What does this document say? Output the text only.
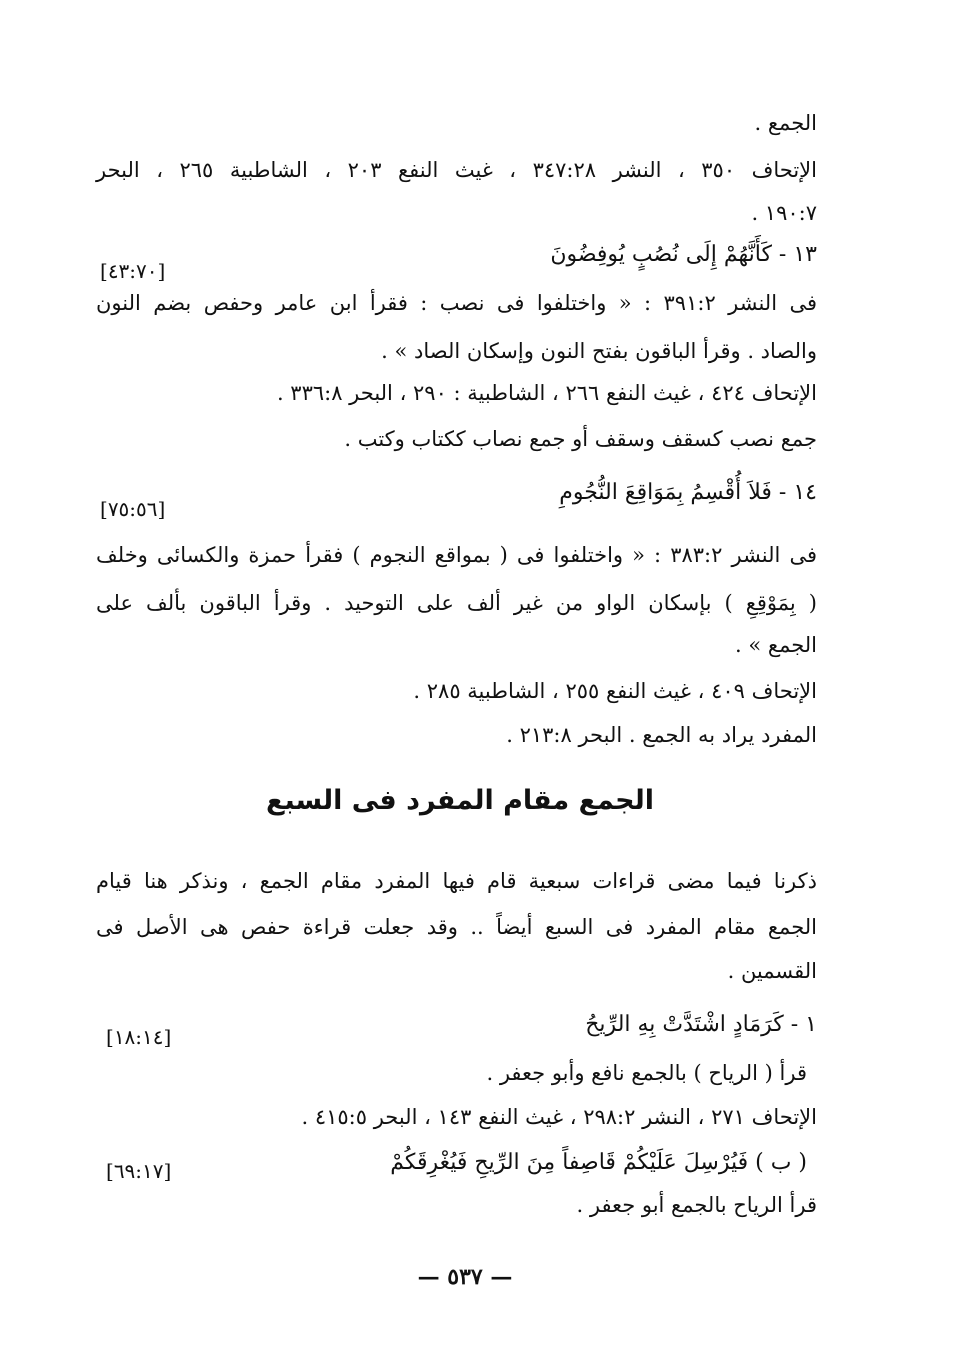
الجمع .
الإتحاف ٣٥٠ ، النشر ٣٤٧:٢٨ ، غيث النفع ٢٠٣ ، الشاطبية ٢٦٥ ، البحر
١٩٠:٧ .
١٣ - كَأَنَّهُمْ إِلَى نُصُبٍ يُوفِضُونَ
[٤٣:٧٠]
فى النشر ٣٩١:٢ : « واختلفوا فى نصب : فقرأ ابن عامر وحفص بضم النون
والصاد . وقرأ الباقون بفتح النون وإسكان الصاد » .
الإتحاف ٤٢٤ ، غيث النفع ٢٦٦ ، الشاطبية : ٢٩٠ ، البحر ٣٣٦:٨ .
جمع نصب كسقف وسقف أو جمع نصاب ككتاب وكتب .
١٤ - فَلاَ أُقْسِمُ بِمَوَاقِعَ النُّجُومِ
[٧٥:٥٦]
فى النشر ٣٨٣:٢ : « واختلفوا فى ( بمواقع النجوم ) فقرأ حمزة والكسائى وخلف
( بِمَوْقِعِ ) بإسكان الواو من غير ألف على التوحيد . وقرأ الباقون بألف على
الجمع » .
الإتحاف ٤٠٩ ، غيث النفع ٢٥٥ ، الشاطبية ٢٨٥ .
المفرد يراد به الجمع . البحر ٢١٣:٨ .
الجمع مقام المفرد فى السبع
ذكرنا فيما مضى قراءات سبعية قام فيها المفرد مقام الجمع ، ونذكر هنا قيام
الجمع مقام المفرد فى السبع أيضاً .. وقد جعلت قراءة حفص هى الأصل فى
القسمين .
١ - كَرَمَادٍ اشْتَدَّتْ بِهِ الرِّيحُ
[١٨:١٤]
قرأ ( الرياح ) بالجمع نافع وأبو جعفر .
الإتحاف ٢٧١ ، النشر ٢٩٨:٢ ، غيث النفع ١٤٣ ، البحر ٤١٥:٥ .
( ب ) فَيُرْسِلَ عَلَيْكُمْ قَاصِفاً مِنَ الرِّيحِ فَيُغْرِقَكُمْ
[٦٩:١٧]
قرأ الرياح بالجمع أبو جعفر .
— ٥٣٧ —
